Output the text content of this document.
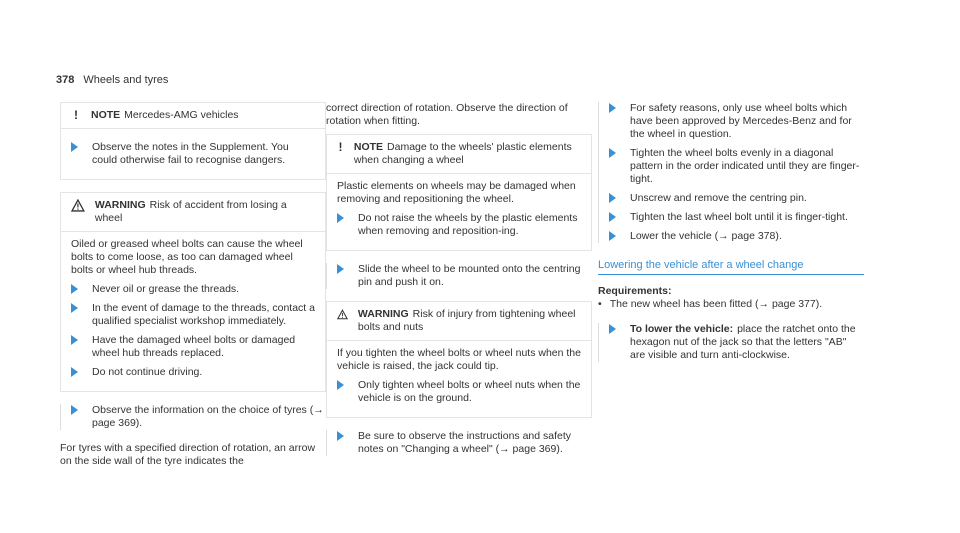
378 Wheels and tyres
! NOTE Mercedes-AMG vehicles
Observe the notes in the Supplement. You could otherwise fail to recognise dangers.
WARNING Risk of accident from losing a wheel
Oiled or greased wheel bolts can cause the wheel bolts to come loose, as too can damaged wheel bolts or wheel hub threads.
Never oil or grease the threads.
In the event of damage to the threads, contact a qualified specialist workshop immediately.
Have the damaged wheel bolts or damaged wheel hub threads replaced.
Do not continue driving.
Observe the information on the choice of tyres (→ page 369).

For tyres with a specified direction of rotation, an arrow on the side wall of the tyre indicates the

correct direction of rotation. Observe the direction of rotation when fitting.

! NOTE Damage to the wheels' plastic elements when changing a wheel
Plastic elements on wheels may be damaged when removing and repositioning the wheel.
Do not raise the wheels by the plastic elements when removing and reposition-ing.
Slide the wheel to be mounted onto the centring pin and push it on.
WARNING Risk of injury from tightening wheel bolts and nuts
If you tighten the wheel bolts or wheel nuts when the vehicle is raised, the jack could tip.
Only tighten wheel bolts or wheel nuts when the vehicle is on the ground.
Be sure to observe the instructions and safety notes on "Changing a wheel" (→ page 369).
For safety reasons, only use wheel bolts which have been approved by Mercedes-Benz and for the wheel in question.
Tighten the wheel bolts evenly in a diagonal pattern in the order indicated until they are finger-tight.
Unscrew and remove the centring pin.
Tighten the last wheel bolt until it is finger-tight.
Lower the vehicle (→ page 378).
Lowering the vehicle after a wheel change
Requirements:
• The new wheel has been fitted (→ page 377).
To lower the vehicle: place the ratchet onto the hexagon nut of the jack so that the letters "AB" are visible and turn anti-clockwise.
